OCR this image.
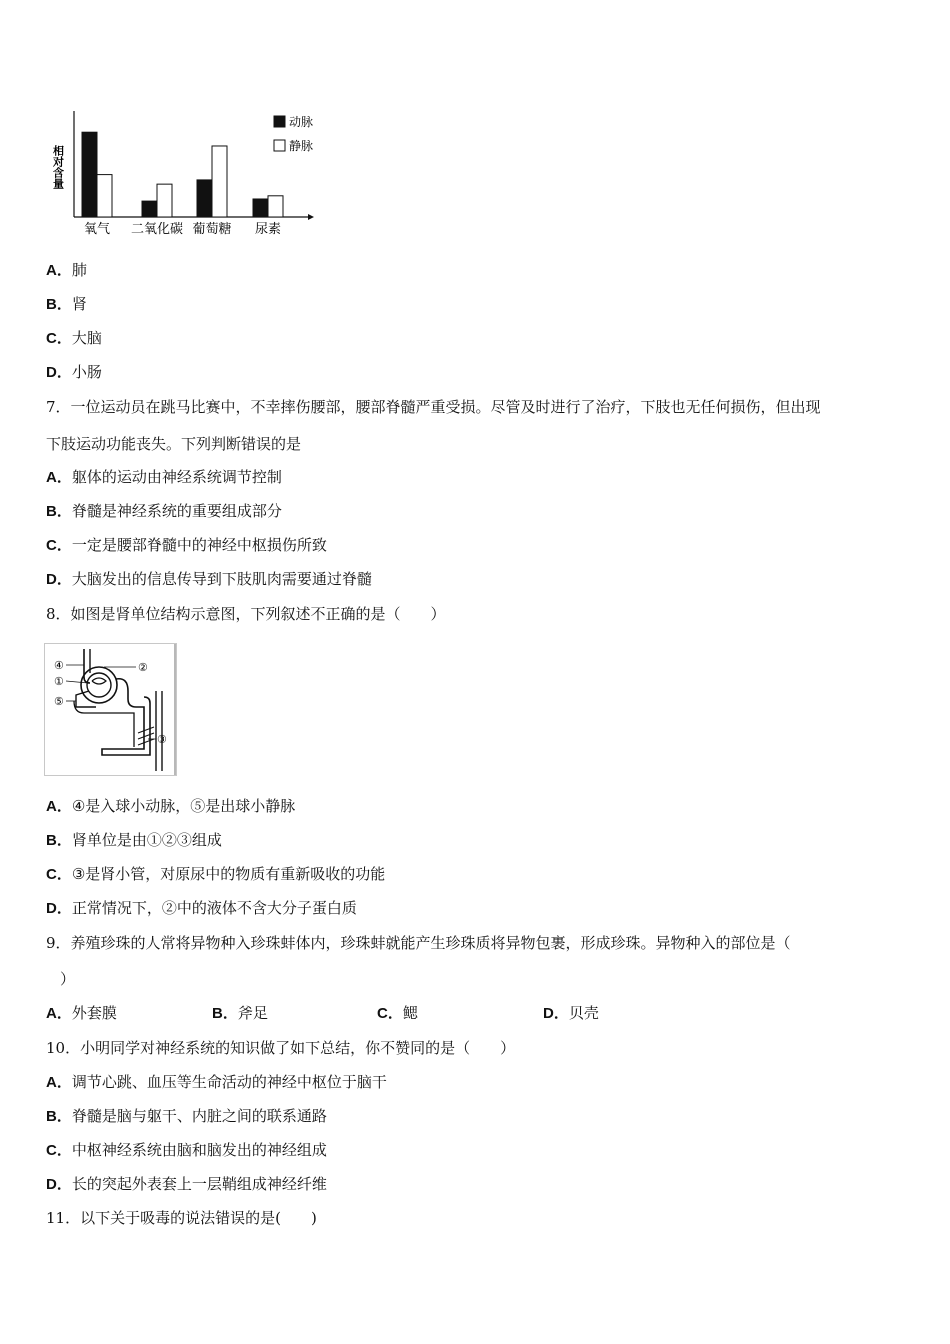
相对含量
氧气 二氧化碳 葡萄糖 尿素
动脉
静脉
A．肺
B．肾
C．大脑
D．小肠
7．一位运动员在跳马比赛中，不幸摔伤腰部，腰部脊髓严重受损。尽管及时进行了治疗，下肢也无任何损伤，但出现
下肢运动功能丧失。下列判断错误的是
A．躯体的运动由神经系统调节控制
B．脊髓是神经系统的重要组成部分
C．一定是腰部脊髓中的神经中枢损伤所致
D．大脑发出的信息传导到下肢肌肉需要通过脊髓
8．如图是肾单位结构示意图，下列叙述不正确的是（　　）
④	②
①
⑤
③
A．④是入球小动脉，⑤是出球小静脉
B．肾单位是由①②③组成
C．③是肾小管，对原尿中的物质有重新吸收的功能
D．正常情况下，②中的液体不含大分子蛋白质
9．养殖珍珠的人常将异物种入珍珠蚌体内，珍珠蚌就能产生珍珠质将异物包裹，形成珍珠。异物种入的部位是（
）
A．外套膜	B．斧足	C．鳃	D．贝壳
10．小明同学对神经系统的知识做了如下总结，你不赞同的是（　　）
A．调节心跳、血压等生命活动的神经中枢位于脑干
B．脊髓是脑与躯干、内脏之间的联系通路
C．中枢神经系统由脑和脑发出的神经组成
D．长的突起外表套上一层鞘组成神经纤维
11．以下关于吸毒的说法错误的是(　　)
